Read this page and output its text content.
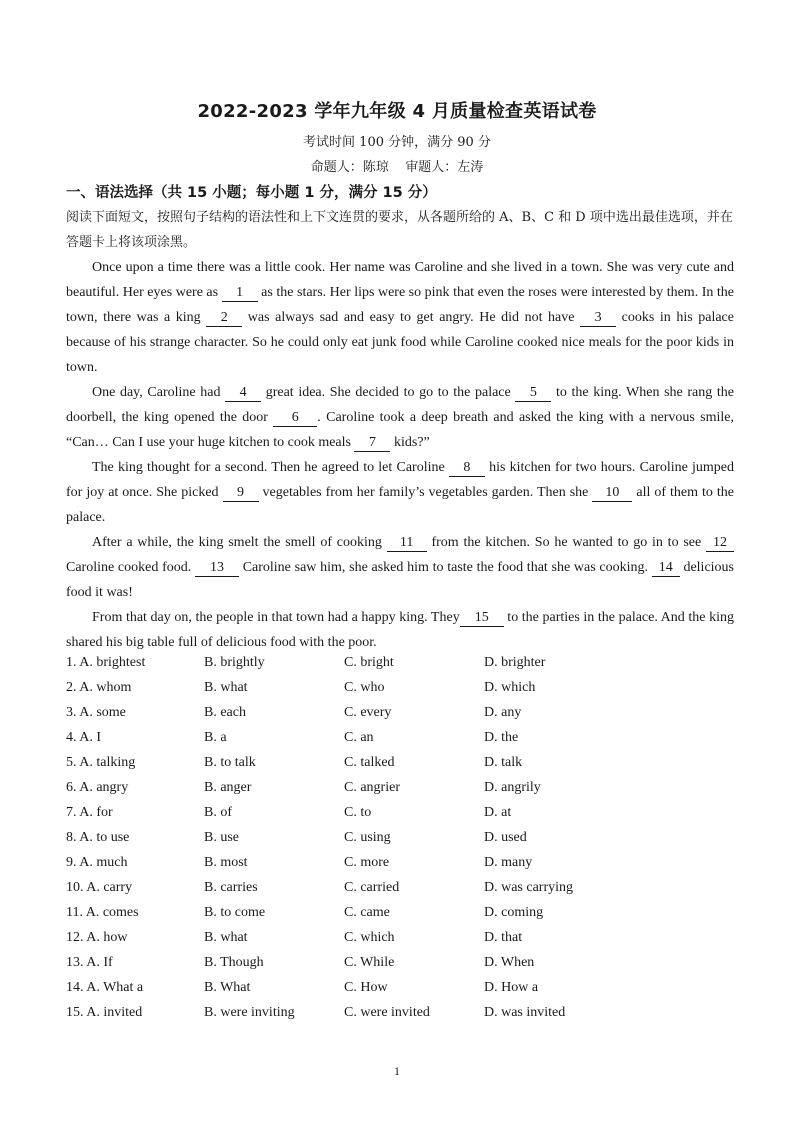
2022-2023 学年九年级 4 月质量检查英语试卷
考试时间 100 分钟，满分 90 分
命题人：陈琼    审题人：左涛
一、语法选择（共 15 小题；每小题 1 分，满分 15 分）
阅读下面短文，按照句子结构的语法性和上下文连贯的要求，从各题所给的 A、B、C 和 D 项中选出最佳选项，并在答题卡上将该项涂黑。

Once upon a time there was a little cook. Her name was Caroline and she lived in a town. She was very cute and beautiful. Her eyes were as 1 as the stars. Her lips were so pink that even the roses were interested by them. In the town, there was a king 2 was always sad and easy to get angry. He did not have 3 cooks in his palace because of his strange character. So he could only eat junk food while Caroline cooked nice meals for the poor kids in town.

One day, Caroline had 4 great idea. She decided to go to the palace 5 to the king. When she rang the doorbell, the king opened the door 6 . Caroline took a deep breath and asked the king with a nervous smile, “Can… Can I use your huge kitchen to cook meals 7 kids?”

The king thought for a second. Then he agreed to let Caroline 8 his kitchen for two hours. Caroline jumped for joy at once. She picked 9 vegetables from her family’s vegetables garden. Then she 10 all of them to the palace.

After a while, the king smelt the smell of cooking 11 from the kitchen. So he wanted to go in to see 12 Caroline cooked food. 13 Caroline saw him, she asked him to taste the food that she was cooking. 14 delicious food it was!

From that day on, the people in that town had a happy king. They 15 to the parties in the palace. And the king shared his big table full of delicious food with the poor.

1. A. brightest	B. brightly	C. bright	D. brighter
2. A. whom	B. what	C. who	D. which
3. A. some	B. each	C. every	D. any
4. A. I	B. a	C. an	D. the
5. A. talking	B. to talk	C. talked	D. talk
6. A. angry	B. anger	C. angrier	D. angrily
7. A. for	B. of	C. to	D. at
8. A. to use	B. use	C. using	D. used
9. A. much	B. most	C. more	D. many
10. A. carry	B. carries	C. carried	D. was carrying
11. A. comes	B. to come	C. came	D. coming
12. A. how	B. what	C. which	D. that
13. A. If	B. Though	C. While	D. When
14. A. What a	B. What	C. How	D. How a
15. A. invited	B. were inviting	C. were invited	D. was invited
1
